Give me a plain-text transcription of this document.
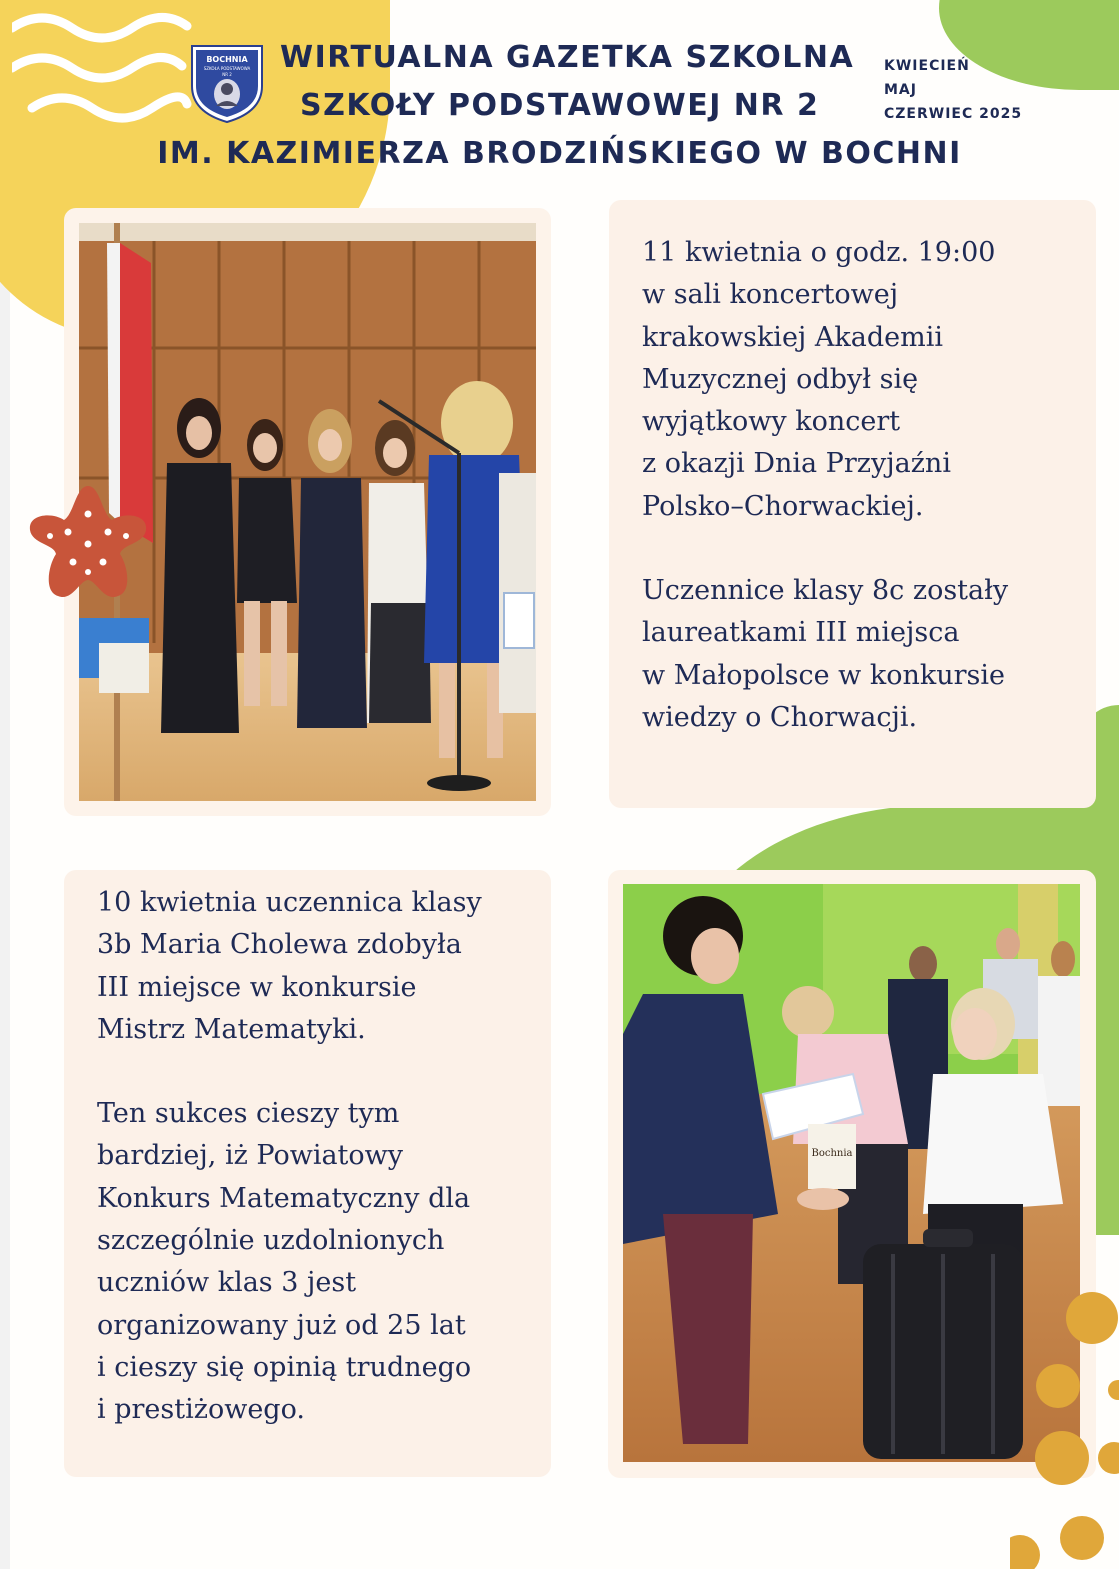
BOCHNIA
SZKOŁA PODSTAWOWA
NR 2	WIRTUALNA GAZETKA SZKOLNA
SZKOŁY PODSTAWOWEJ NR 2
IM. KAZIMIERZA BRODZIŃSKIEGO W BOCHNI
KWIECIEŃ
MAJ
CZERWIEC 2025

11 kwietnia o godz. 19:00

w sali koncertowej

krakowskiej Akademii

Muzycznej odbył się

wyjątkowy koncert

z okazji Dnia Przyjaźni

Polsko–Chorwackiej.

Uczennice klasy 8c zostały

laureatkami III miejsca

w Małopolsce w konkursie

wiedzy o Chorwacji.

10 kwietnia uczennica klasy

3b Maria Cholewa zdobyła

III miejsce w konkursie

Mistrz Matematyki.

Ten sukces cieszy tym

bardziej, iż Powiatowy

Konkurs Matematyczny dla

szczególnie uzdolnionych

uczniów klas 3 jest

organizowany już od 25 lat

i cieszy się opinią trudnego

i prestiżowego.

Bochnia
